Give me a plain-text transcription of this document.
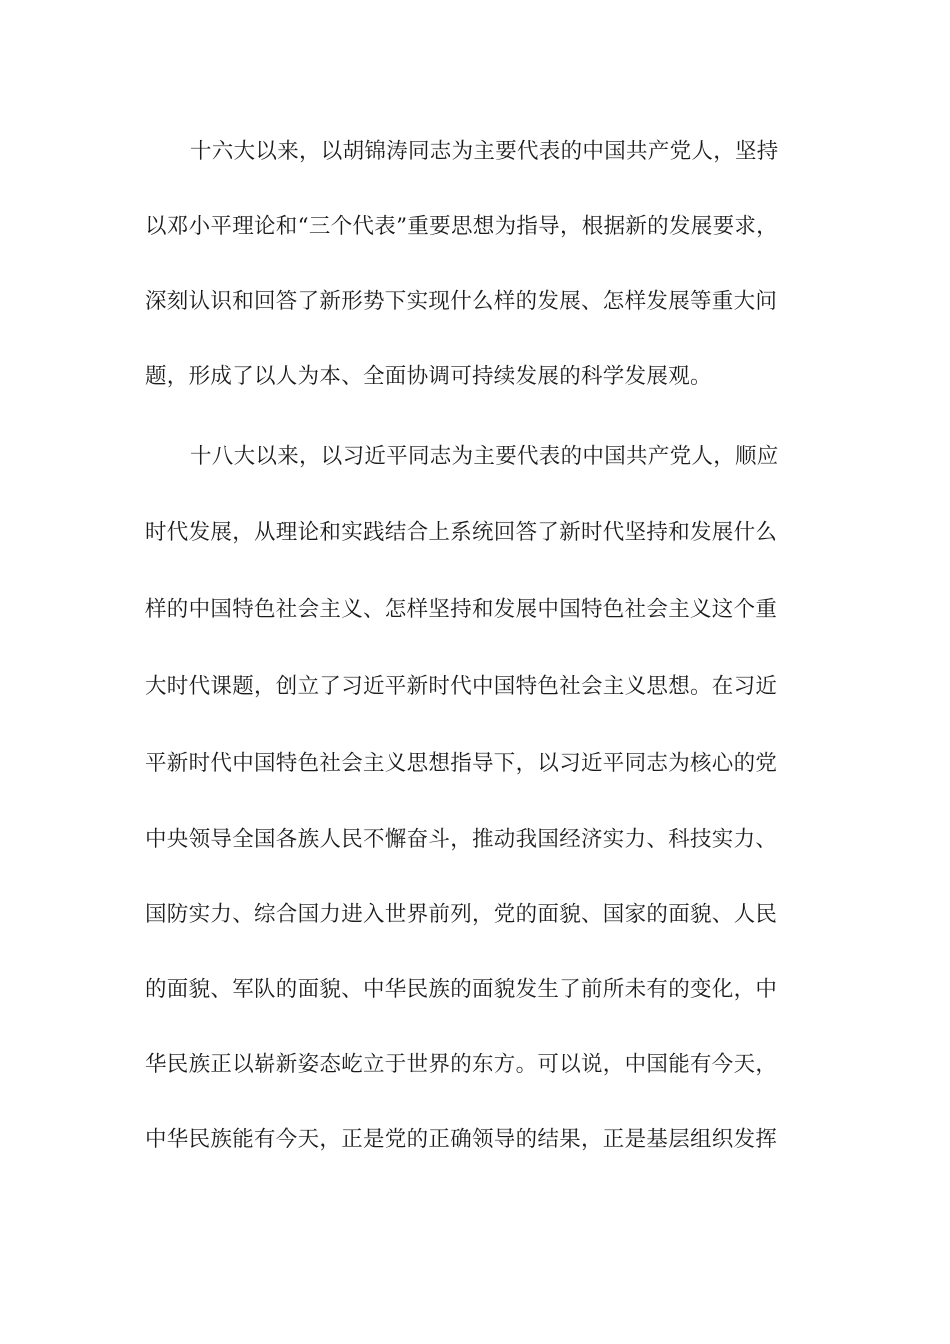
十六大以来，以胡锦涛同志为主要代表的中国共产党人，坚持
以邓小平理论和“三个代表”重要思想为指导，根据新的发展要求，
深刻认识和回答了新形势下实现什么样的发展、怎样发展等重大问
题，形成了以人为本、全面协调可持续发展的科学发展观。
十八大以来，以习近平同志为主要代表的中国共产党人，顺应
时代发展，从理论和实践结合上系统回答了新时代坚持和发展什么
样的中国特色社会主义、怎样坚持和发展中国特色社会主义这个重
大时代课题，创立了习近平新时代中国特色社会主义思想。在习近
平新时代中国特色社会主义思想指导下，以习近平同志为核心的党
中央领导全国各族人民不懈奋斗，推动我国经济实力、科技实力、
国防实力、综合国力进入世界前列，党的面貌、国家的面貌、人民
的面貌、军队的面貌、中华民族的面貌发生了前所未有的变化，中
华民族正以崭新姿态屹立于世界的东方。可以说，中国能有今天，
中华民族能有今天，正是党的正确领导的结果，正是基层组织发挥
